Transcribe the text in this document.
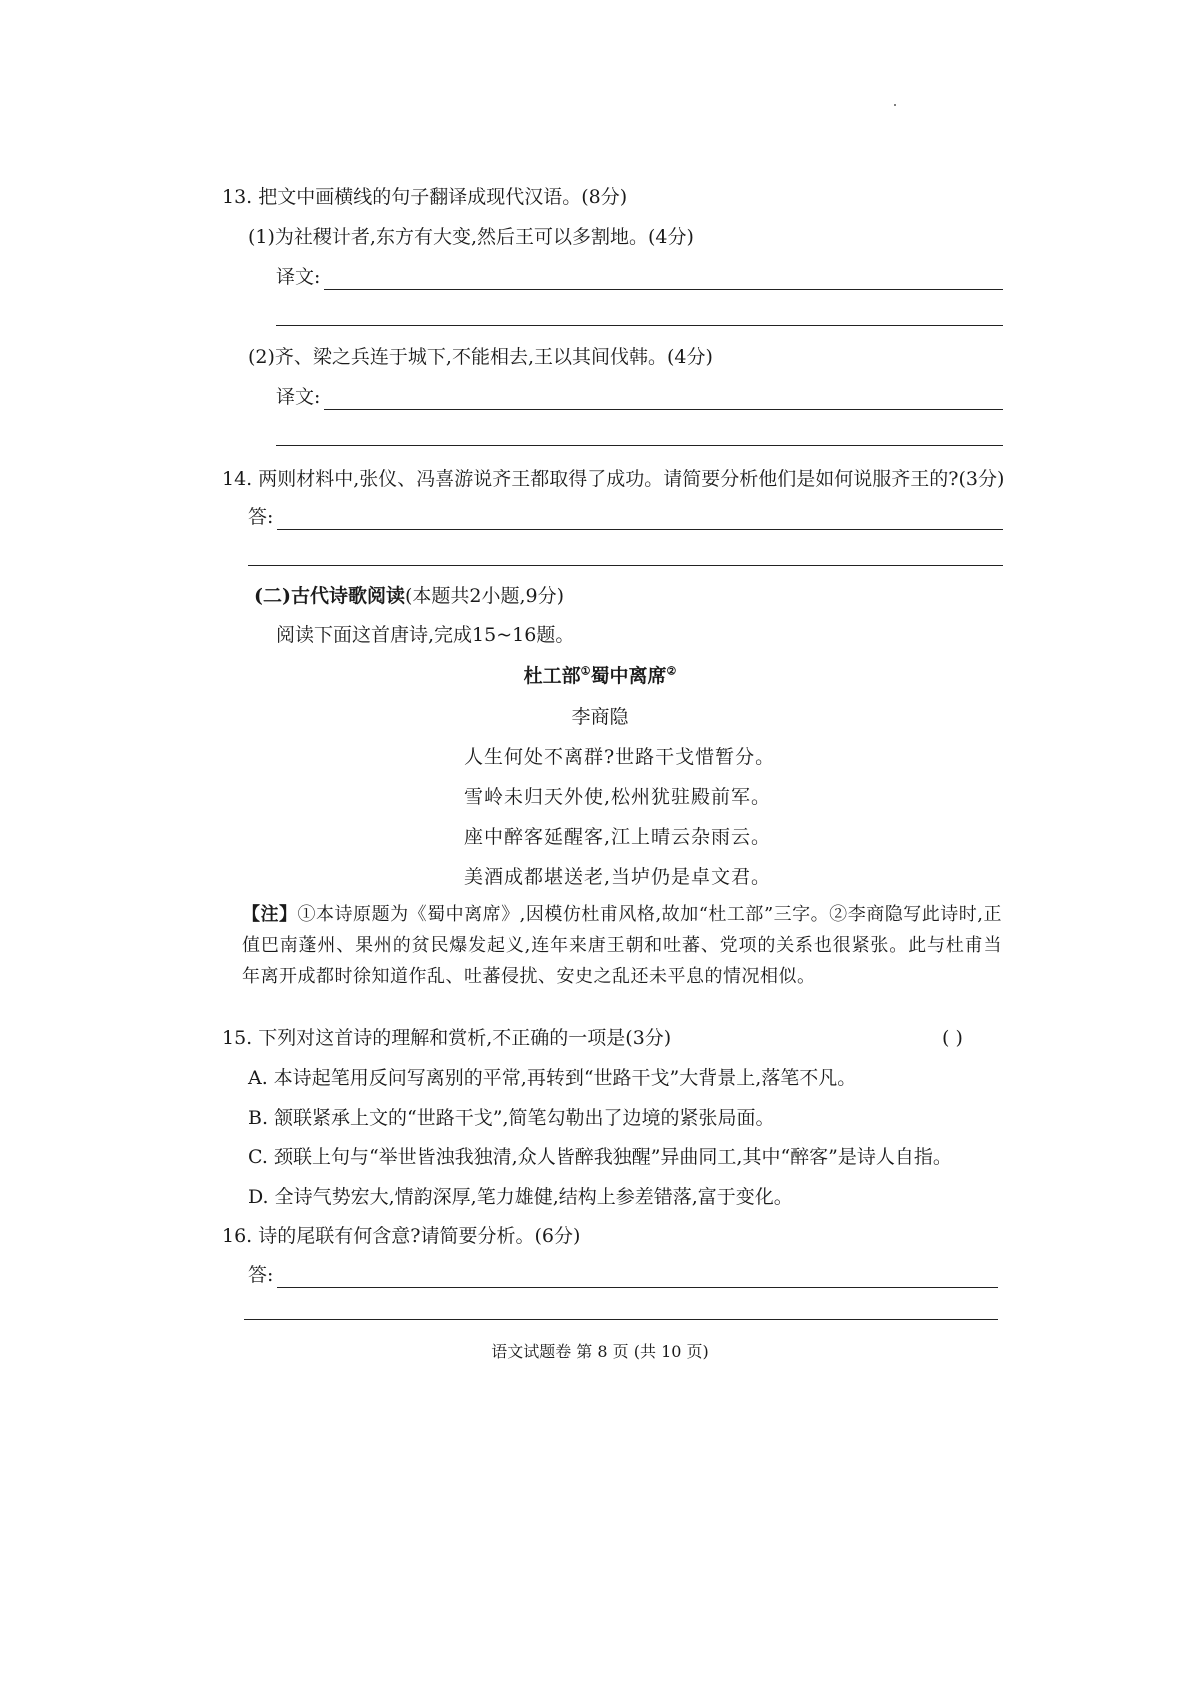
13. 把文中画横线的句子翻译成现代汉语。(8分)
(1)为社稷计者,东方有大变,然后王可以多割地。(4分)
译文:
(2)齐、梁之兵连于城下,不能相去,王以其间伐韩。(4分)
译文:
14. 两则材料中,张仪、冯喜游说齐王都取得了成功。请简要分析他们是如何说服齐王的?(3分)
答:
(二)古代诗歌阅读(本题共2小题,9分)
阅读下面这首唐诗,完成15~16题。
杜工部①蜀中离席②
李商隐
人生何处不离群?世路干戈惜暂分。
雪岭未归天外使,松州犹驻殿前军。
座中醉客延醒客,江上晴云杂雨云。
美酒成都堪送老,当垆仍是卓文君。
【注】①本诗原题为《蜀中离席》,因模仿杜甫风格,故加“杜工部”三字。②李商隐写此诗时,正值巴南蓬州、果州的贫民爆发起义,连年来唐王朝和吐蕃、党项的关系也很紧张。此与杜甫当年离开成都时徐知道作乱、吐蕃侵扰、安史之乱还未平息的情况相似。
15. 下列对这首诗的理解和赏析,不正确的一项是(3分)	( )
A. 本诗起笔用反问写离别的平常,再转到“世路干戈”大背景上,落笔不凡。
B. 颔联紧承上文的“世路干戈”,简笔勾勒出了边境的紧张局面。
C. 颈联上句与“举世皆浊我独清,众人皆醉我独醒”异曲同工,其中“醉客”是诗人自指。
D. 全诗气势宏大,情韵深厚,笔力雄健,结构上参差错落,富于变化。
16. 诗的尾联有何含意?请简要分析。(6分)
答:
语文试题卷 第 8 页 (共 10 页)
